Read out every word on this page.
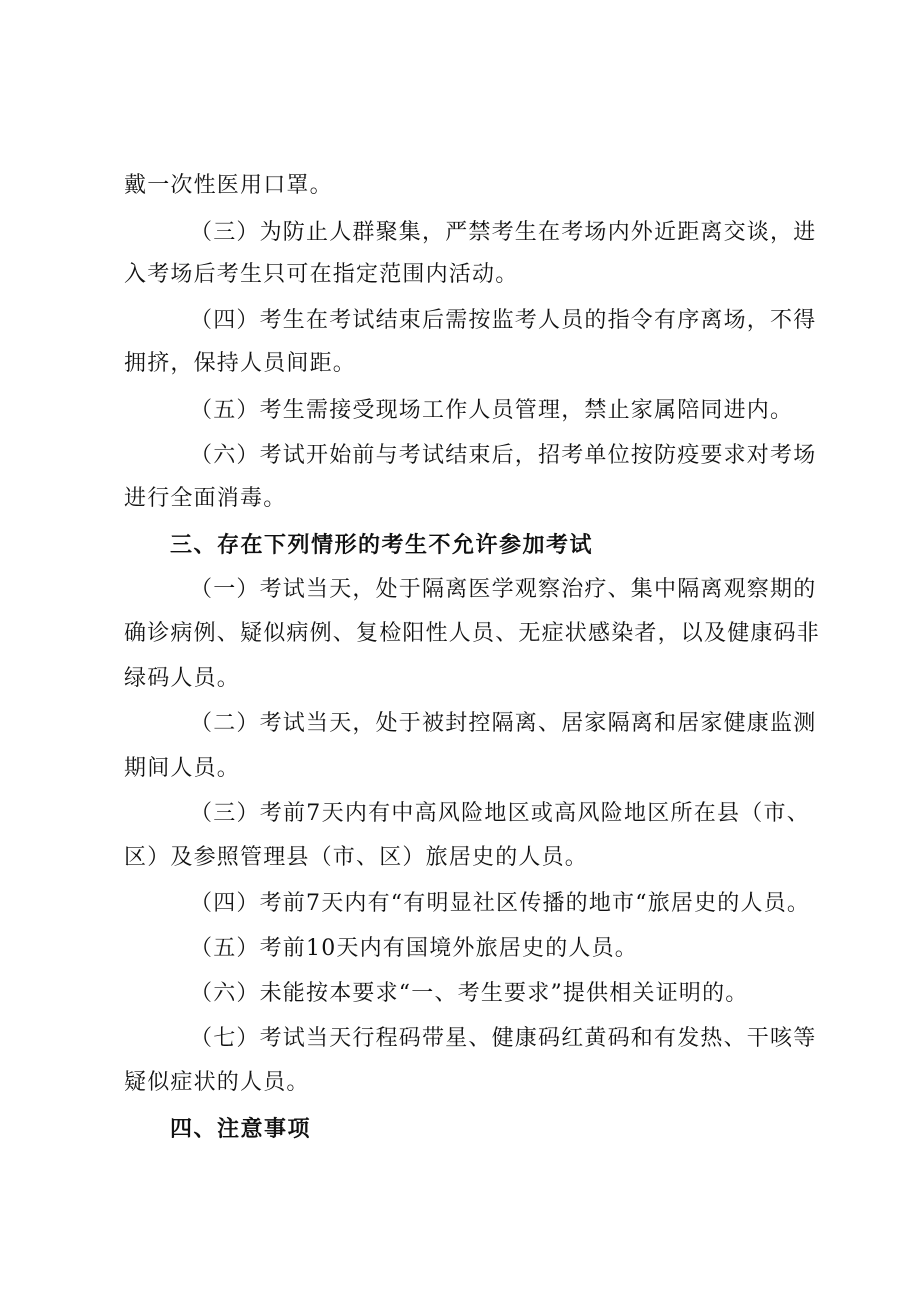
戴一次性医用口罩。
（三）为防止人群聚集，严禁考生在考场内外近距离交谈，进
入考场后考生只可在指定范围内活动。
（四）考生在考试结束后需按监考人员的指令有序离场，不得
拥挤，保持人员间距。
（五）考生需接受现场工作人员管理，禁止家属陪同进内。
（六）考试开始前与考试结束后，招考单位按防疫要求对考场
进行全面消毒。
三、存在下列情形的考生不允许参加考试
（一）考试当天，处于隔离医学观察治疗、集中隔离观察期的
确诊病例、疑似病例、复检阳性人员、无症状感染者，以及健康码非
绿码人员。
（二）考试当天，处于被封控隔离、居家隔离和居家健康监测
期间人员。
（三）考前7天内有中高风险地区或高风险地区所在县（市、
区）及参照管理县（市、区）旅居史的人员。
（四）考前7天内有“有明显社区传播的地市“旅居史的人员。
（五）考前10天内有国境外旅居史的人员。
（六）未能按本要求“一、考生要求”提供相关证明的。
（七）考试当天行程码带星、健康码红黄码和有发热、干咳等
疑似症状的人员。
四、注意事项
